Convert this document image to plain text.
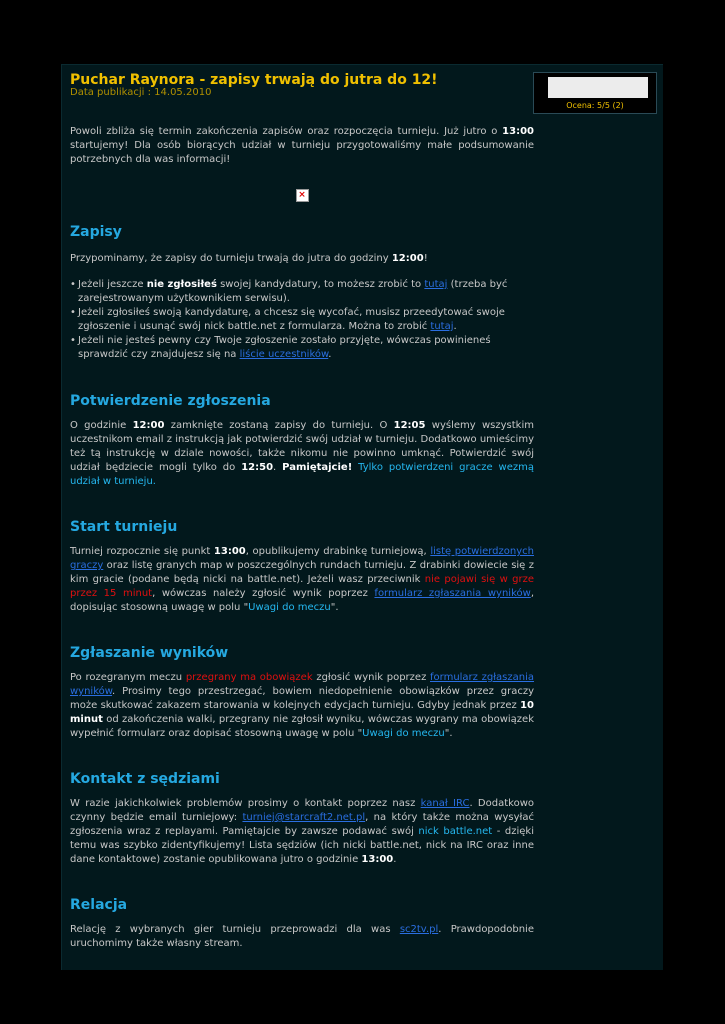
Puchar Raynora - zapisy trwają do jutra do 12!
Data publikacji : 14.05.2010
Ocena: 5/5 (2)

Powoli zbliża się termin zakończenia zapisów oraz rozpoczęcia turnieju. Już jutro o 13:00 startujemy! Dla osób biorących udział w turnieju przygotowaliśmy małe podsumowanie potrzebnych dla was informacji!

×
Zapisy

Przypominamy, że zapisy do turnieju trwają do jutra do godziny 12:00!

• Jeżeli jeszcze nie zgłosiłeś swojej kandydatury, to możesz zrobić to tutaj (trzeba być zarejestrowanym użytkownikiem serwisu).
• Jeżeli zgłosiłeś swoją kandydaturę, a chcesz się wycofać, musisz przeedytować swoje zgłoszenie i usunąć swój nick battle.net z formularza. Można to zrobić tutaj.
• Jeżeli nie jesteś pewny czy Twoje zgłoszenie zostało przyjęte, wówczas powinieneś sprawdzić czy znajdujesz się na liście uczestników.
Potwierdzenie zgłoszenia

O godzinie 12:00 zamknięte zostaną zapisy do turnieju. O 12:05 wyślemy wszystkim uczestnikom email z instrukcją jak potwierdzić swój udział w turnieju. Dodatkowo umieścimy też tą instrukcję w dziale nowości, także nikomu nie powinno umknąć. Potwierdzić swój udział będziecie mogli tylko do 12:50. Pamiętajcie! Tylko potwierdzeni gracze wezmą udział w turnieju.

Start turnieju

Turniej rozpocznie się punkt 13:00, opublikujemy drabinkę turniejową, listę potwierdzonych graczy oraz listę granych map w poszczególnych rundach turnieju. Z drabinki dowiecie się z kim gracie (podane będą nicki na battle.net). Jeżeli wasz przeciwnik nie pojawi się w grze przez 15 minut, wówczas należy zgłosić wynik poprzez formularz zgłaszania wyników, dopisując stosowną uwagę w polu "Uwagi do meczu".

Zgłaszanie wyników

Po rozegranym meczu przegrany ma obowiązek zgłosić wynik poprzez formularz zgłaszania wyników. Prosimy tego przestrzegać, bowiem niedopełnienie obowiązków przez graczy może skutkować zakazem starowania w kolejnych edycjach turnieju. Gdyby jednak przez 10 minut od zakończenia walki, przegrany nie zgłosił wyniku, wówczas wygrany ma obowiązek wypełnić formularz oraz dopisać stosowną uwagę w polu "Uwagi do meczu".

Kontakt z sędziami

W razie jakichkolwiek problemów prosimy o kontakt poprzez nasz kanał IRC. Dodatkowo czynny będzie email turniejowy: turniej@starcraft2.net.pl, na który także można wysyłać zgłoszenia wraz z replayami. Pamiętajcie by zawsze podawać swój nick battle.net - dzięki temu was szybko zidentyfikujemy! Lista sędziów (ich nicki battle.net, nick na IRC oraz inne dane kontaktowe) zostanie opublikowana jutro o godzinie 13:00.

Relacja

Relację z wybranych gier turnieju przeprowadzi dla was sc2tv.pl. Prawdopodobnie uruchomimy także własny stream.
